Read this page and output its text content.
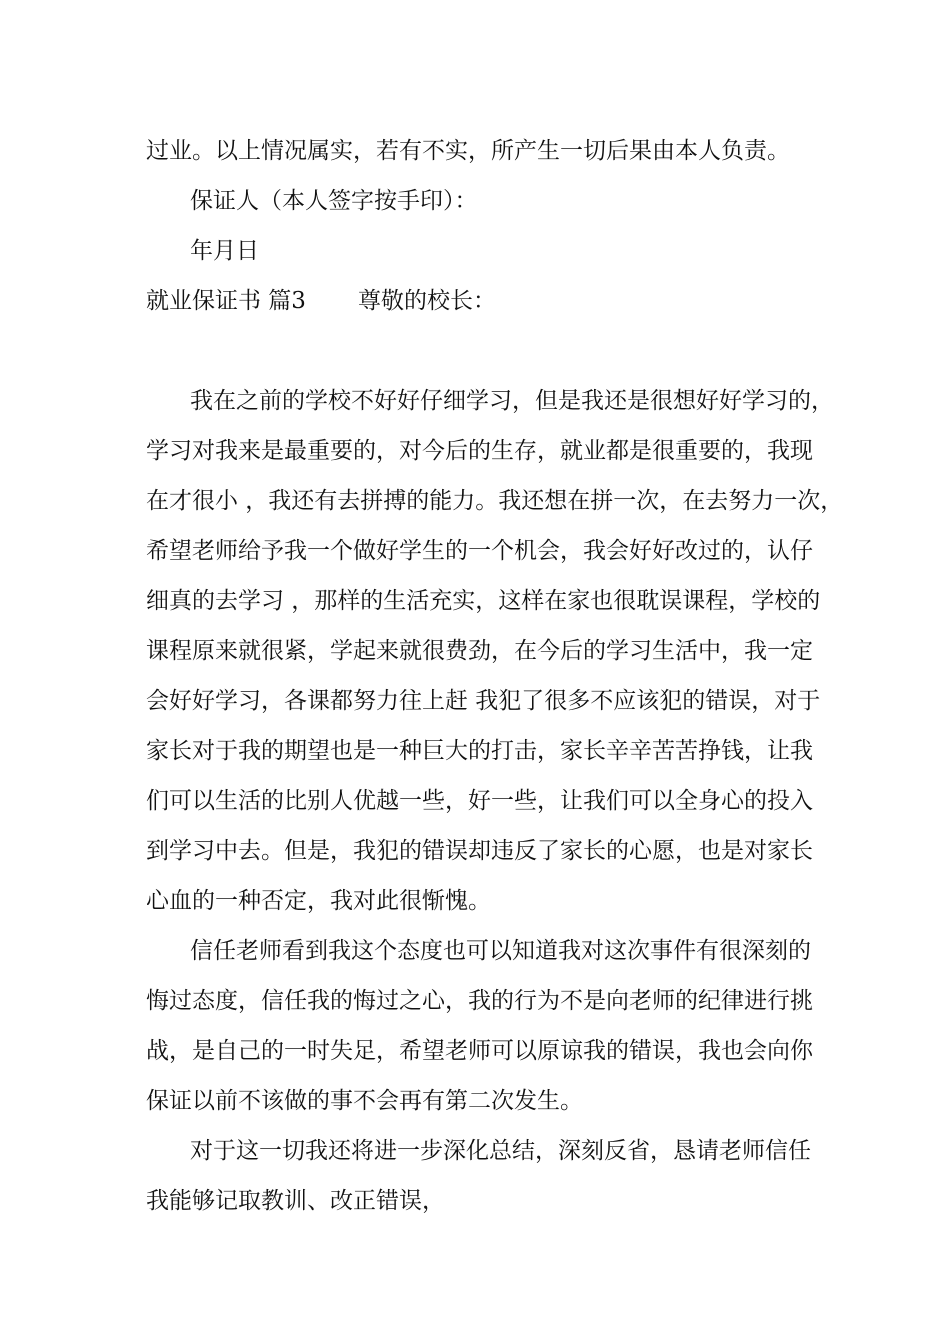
过业。以上情况属实，若有不实，所产生一切后果由本人负责。
保证人（本人签字按手印）：
年月日
就业保证书 篇3 尊敬的校长：
我在之前的学校不好好仔细学习，但是我还是很想好好学习的，
学习对我来是最重要的，对今后的生存，就业都是很重要的，我现
在才很小 ，我还有去拼搏的能力。我还想在拼一次，在去努力一次，
希望老师给予我一个做好学生的一个机会，我会好好改过的，认仔
细真的去学习 ，那样的生活充实，这样在家也很耽误课程，学校的
课程原来就很紧，学起来就很费劲，在今后的学习生活中，我一定
会好好学习，各课都努力往上赶 我犯了很多不应该犯的错误，对于
家长对于我的期望也是一种巨大的打击，家长辛辛苦苦挣钱，让我
们可以生活的比别人优越一些，好一些，让我们可以全身心的投入
到学习中去。但是，我犯的错误却违反了家长的心愿，也是对家长
心血的一种否定，我对此很惭愧。
信任老师看到我这个态度也可以知道我对这次事件有很深刻的
悔过态度，信任我的悔过之心，我的行为不是向老师的纪律进行挑
战，是自己的一时失足，希望老师可以原谅我的错误，我也会向你
保证以前不该做的事不会再有第二次发生。
对于这一切我还将进一步深化总结，深刻反省，恳请老师信任
我能够记取教训、改正错误，
